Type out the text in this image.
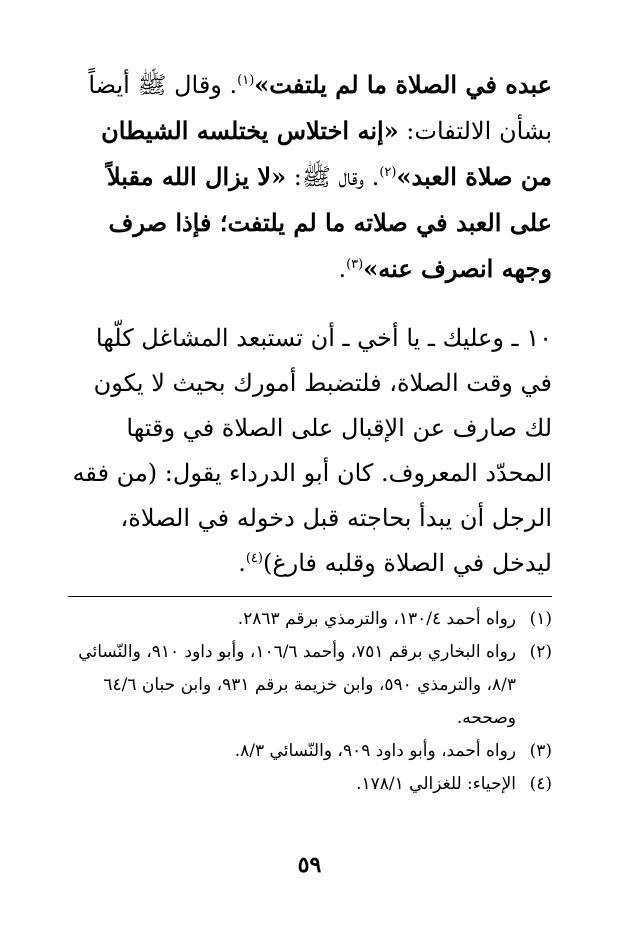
عبده في الصلاة ما لم يلتفت»$^{(١)}$. وقال ﷺ أيضاً بشأن الالتفات: «إنه اختلاس يختلسه الشيطان من صلاة العبد»$^{(٢)}$. وقال ﷺ: «لا يزال الله مقبلاً على العبد في صلاته ما لم يلتفت؛ فإذا صرف وجهه انصرف عنه»$^{(٣)}$.

١٠ ـ وعليك ـ يا أخي ـ أن تستبعد المشاغل كلّها في وقت الصلاة، فلتضبط أمورك بحيث لا يكون لك صارف عن الإقبال على الصلاة في وقتها المحدّد المعروف. كان أبو الدرداء يقول: (من فقه الرجل أن يبدأ بحاجته قبل دخوله في الصلاة، ليدخل في الصلاة وقلبه فارغ)$^{(٤)}$.

(١)
رواه أحمد ١٣٠/٤، والترمذي برقم ٢٨٦٣.
(٢)
رواه البخاري برقم ٧٥١، وأحمد ١٠٦/٦، وأبو داود ٩١٠، والنّسائي ٨/٣، والترمذي ٥٩٠، وابن خزيمة برقم ٩٣١، وابن حبان ٦٤/٦ وصححه.
(٣)
رواه أحمد، وأبو داود ٩٠٩، والنّسائي ٨/٣.
(٤)
الإحياء: للغزالي ١٧٨/١.
٥٩
